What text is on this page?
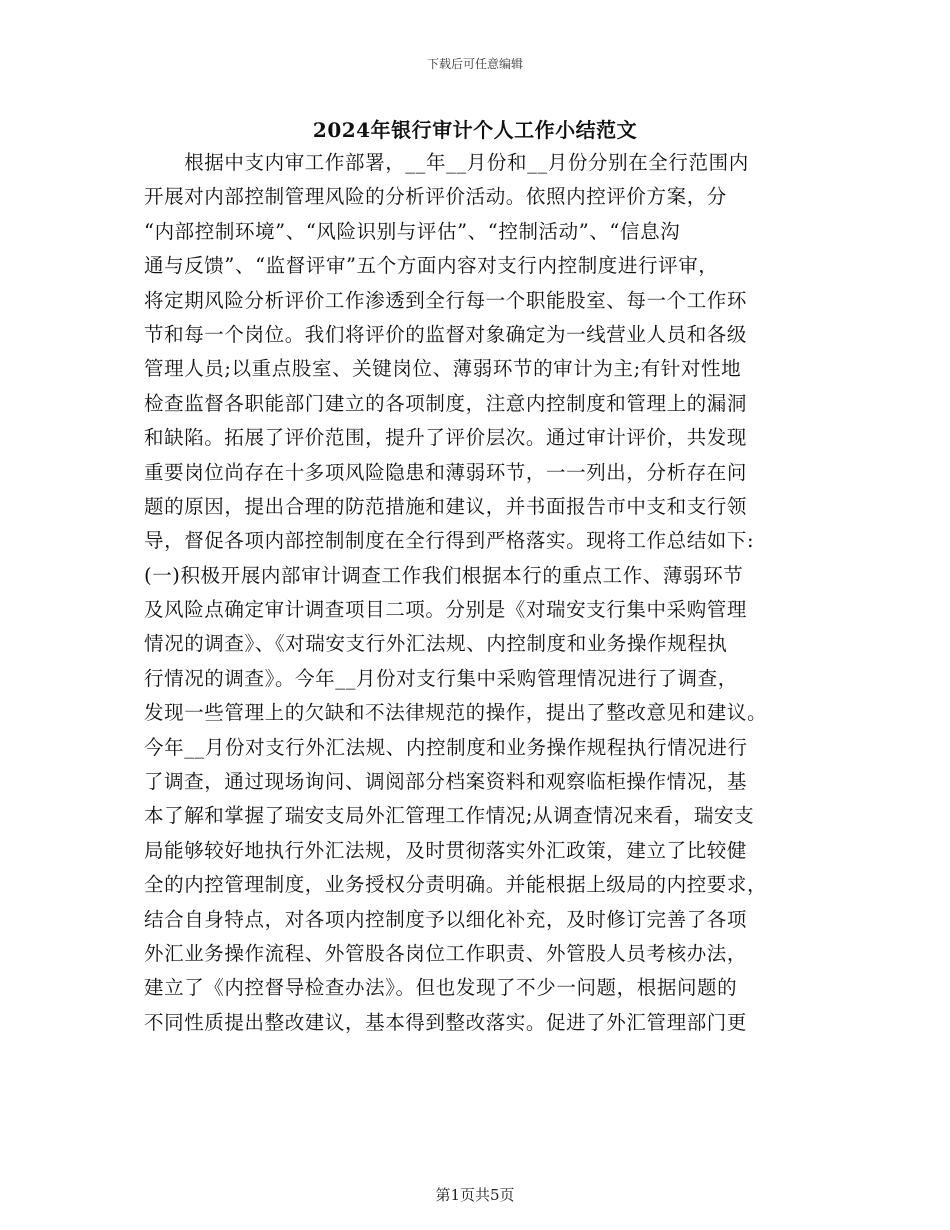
下载后可任意编辑
2024年银行审计个人工作小结范文
　　根据中支内审工作部署，__年__月份和__月份分别在全行范围内
开展对内部控制管理风险的分析评价活动。依照内控评价方案，分
“内部控制环境”、“风险识别与评估”、“控制活动”、“信息沟
通与反馈”、“监督评审”五个方面内容对支行内控制度进行评审，
将定期风险分析评价工作渗透到全行每一个职能股室、每一个工作环
节和每一个岗位。我们将评价的监督对象确定为一线营业人员和各级
管理人员;以重点股室、关键岗位、薄弱环节的审计为主;有针对性地
检查监督各职能部门建立的各项制度，注意内控制度和管理上的漏洞
和缺陷。拓展了评价范围，提升了评价层次。通过审计评价，共发现
重要岗位尚存在十多项风险隐患和薄弱环节，一一列出，分析存在问
题的原因，提出合理的防范措施和建议，并书面报告市中支和支行领
导，督促各项内部控制制度在全行得到严格落实。现将工作总结如下:
(一)积极开展内部审计调查工作我们根据本行的重点工作、薄弱环节
及风险点确定审计调查项目二项。分别是《对瑞安支行集中采购管理
情况的调查》、《对瑞安支行外汇法规、内控制度和业务操作规程执
行情况的调查》。今年__月份对支行集中采购管理情况进行了调查，
发现一些管理上的欠缺和不法律规范的操作，提出了整改意见和建议。
今年__月份对支行外汇法规、内控制度和业务操作规程执行情况进行
了调查，通过现场询问、调阅部分档案资料和观察临柜操作情况，基
本了解和掌握了瑞安支局外汇管理工作情况;从调查情况来看，瑞安支
局能够较好地执行外汇法规，及时贯彻落实外汇政策，建立了比较健
全的内控管理制度，业务授权分责明确。并能根据上级局的内控要求，
结合自身特点，对各项内控制度予以细化补充，及时修订完善了各项
外汇业务操作流程、外管股各岗位工作职责、外管股人员考核办法，
建立了《内控督导检查办法》。但也发现了不少一问题，根据问题的
不同性质提出整改建议，基本得到整改落实。促进了外汇管理部门更
第1页共5页
